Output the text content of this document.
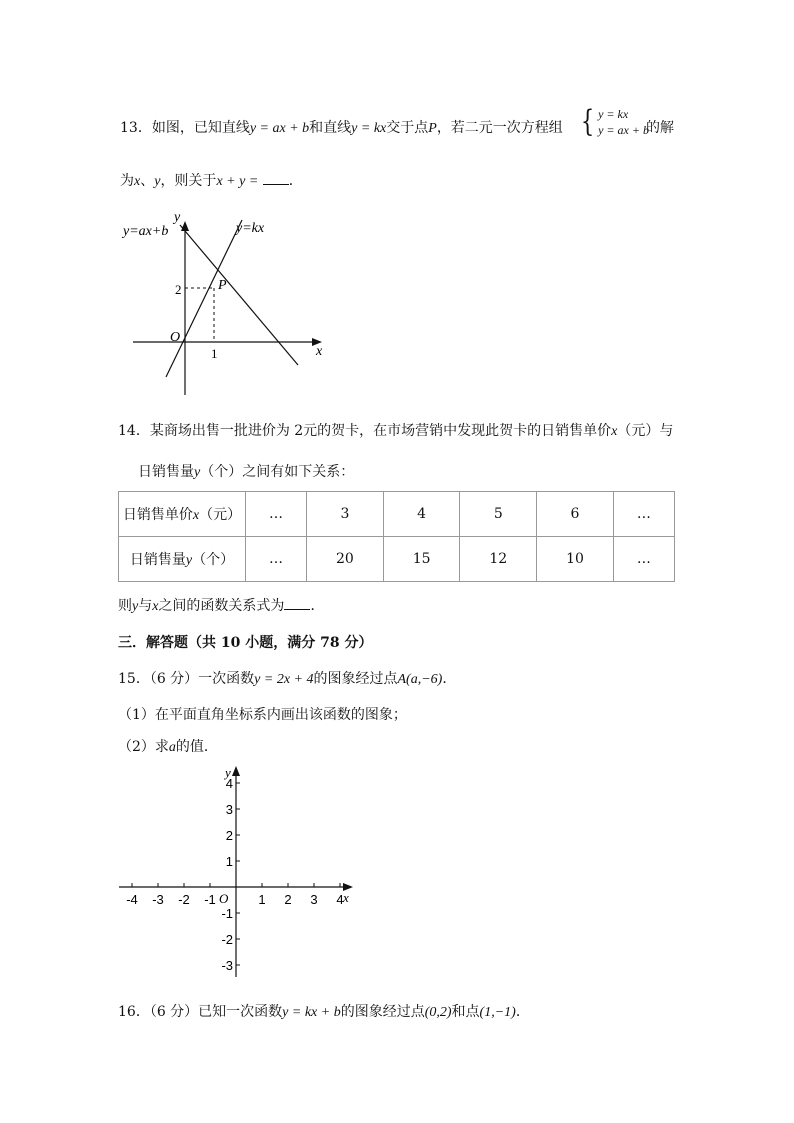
13．如图，已知直线y = ax + b和直线y = kx交于点P，若二元一次方程组 { y = kx
y = ax + b
的解
为x、y，则关于x + y = ．
y=ax+b	y=kx
y
x
O
P
2
1
14．某商场出售一批进价为 2元的贺卡，在市场营销中发现此贺卡的日销售单价x（元）与
日销售量y（个）之间有如下关系：
日销售单价x（元）	…	3	4	5	6	…
日销售量y（个）	…	20	15	12	10	…
则y与x之间的函数关系式为 ．
三．解答题（共 10 小题，满分 78 分）
15．（6 分）一次函数y = 2x + 4的图象经过点A(a,−6)．
（1）在平面直角坐标系内画出该函数的图象；
（2）求a的值．
-4 -3 -2 -1	1 2 3 4
4
3
2
1
-1
-2
-3
y
x
O
16．（6 分）已知一次函数y = kx + b的图象经过点(0,2)和点(1,−1)．
